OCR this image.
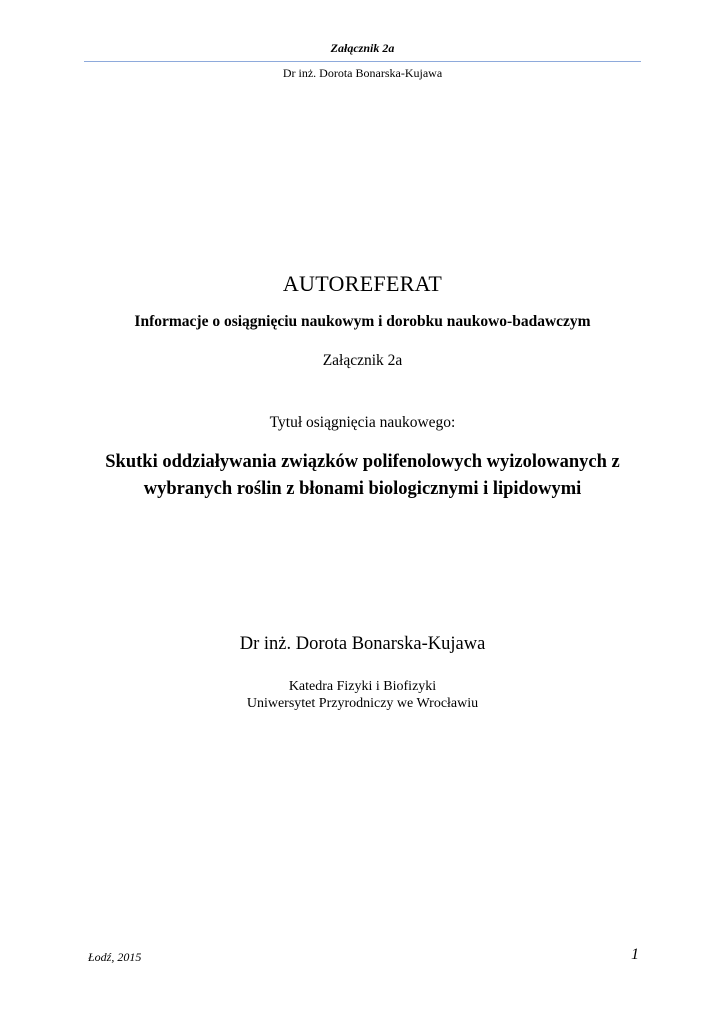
Załącznik 2a
Dr inż. Dorota Bonarska-Kujawa
AUTOREFERAT
Informacje o osiągnięciu naukowym i dorobku naukowo-badawczym
Załącznik 2a
Tytuł osiągnięcia naukowego:
Skutki oddziaływania związków polifenolowych wyizolowanych z
wybranych roślin z błonami biologicznymi i lipidowymi
Dr inż. Dorota Bonarska-Kujawa
Katedra Fizyki i Biofizyki
Uniwersytet Przyrodniczy we Wrocławiu
Łodź, 2015	1
